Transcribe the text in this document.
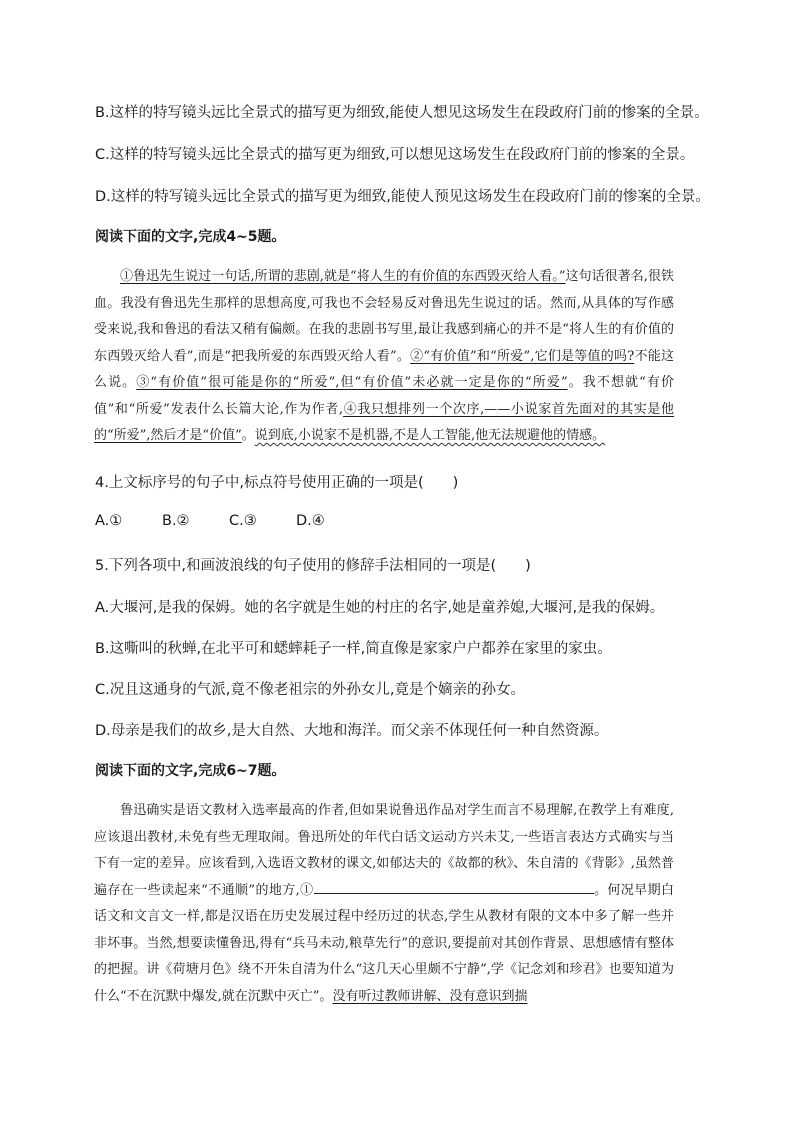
B.这样的特写镜头远比全景式的描写更为细致,能使人想见这场发生在段政府门前的惨案的全景。
C.这样的特写镜头远比全景式的描写更为细致,可以想见这场发生在段政府门前的惨案的全景。
D.这样的特写镜头远比全景式的描写更为细致,能使人预见这场发生在段政府门前的惨案的全景。
阅读下面的文字,完成4~5题。
①鲁迅先生说过一句话,所谓的悲剧,就是“将人生的有价值的东西毁灭给人看。”这句话很著名,很铁血。我没有鲁迅先生那样的思想高度,可我也不会轻易反对鲁迅先生说过的话。然而,从具体的写作感受来说,我和鲁迅的看法又稍有偏颇。在我的悲剧书写里,最让我感到痛心的并不是“将人生的有价值的东西毁灭给人看”,而是“把我所爱的东西毁灭给人看”。②“有价值”和“所爱”,它们是等值的吗?不能这么说。③“有价值”很可能是你的“所爱”,但“有价值”未必就一定是你的“所爱”。我不想就“有价值”和“所爱”发表什么长篇大论,作为作者,④我只想排列一个次序,——小说家首先面对的其实是他的“所爱”,然后才是“价值”。说到底,小说家不是机器,不是人工智能,他无法规避他的情感。
4.上文标序号的句子中,标点符号使用正确的一项是(　　)
A.①	B.②	C.③	D.④
5.下列各项中,和画波浪线的句子使用的修辞手法相同的一项是(　　)
A.大堰河,是我的保姆。她的名字就是生她的村庄的名字,她是童养媳,大堰河,是我的保姆。
B.这嘶叫的秋蝉,在北平可和蟋蟀耗子一样,简直像是家家户户都养在家里的家虫。
C.况且这通身的气派,竟不像老祖宗的外孙女儿,竟是个嫡亲的孙女。
D.母亲是我们的故乡,是大自然、大地和海洋。而父亲不体现任何一种自然资源。
阅读下面的文字,完成6~7题。
鲁迅确实是语文教材入选率最高的作者,但如果说鲁迅作品对学生而言不易理解,在教学上有难度,应该退出教材,未免有些无理取闹。鲁迅所处的年代白话文运动方兴未艾,一些语言表达方式确实与当下有一定的差异。应该看到,入选语文教材的课文,如郁达夫的《故都的秋》、朱自清的《背影》,虽然普遍存在一些读起来“不通顺”的地方,①	。何况早期白话文和文言文一样,都是汉语在历史发展过程中经历过的状态,学生从教材有限的文本中多了解一些并非坏事。当然,想要读懂鲁迅,得有“兵马未动,粮草先行”的意识,要提前对其创作背景、思想感情有整体的把握。讲《荷塘月色》绕不开朱自清为什么“这几天心里颇不宁静”,学《记念刘和珍君》也要知道为什么“不在沉默中爆发,就在沉默中灭亡”。没有听过教师讲解、没有意识到揣
